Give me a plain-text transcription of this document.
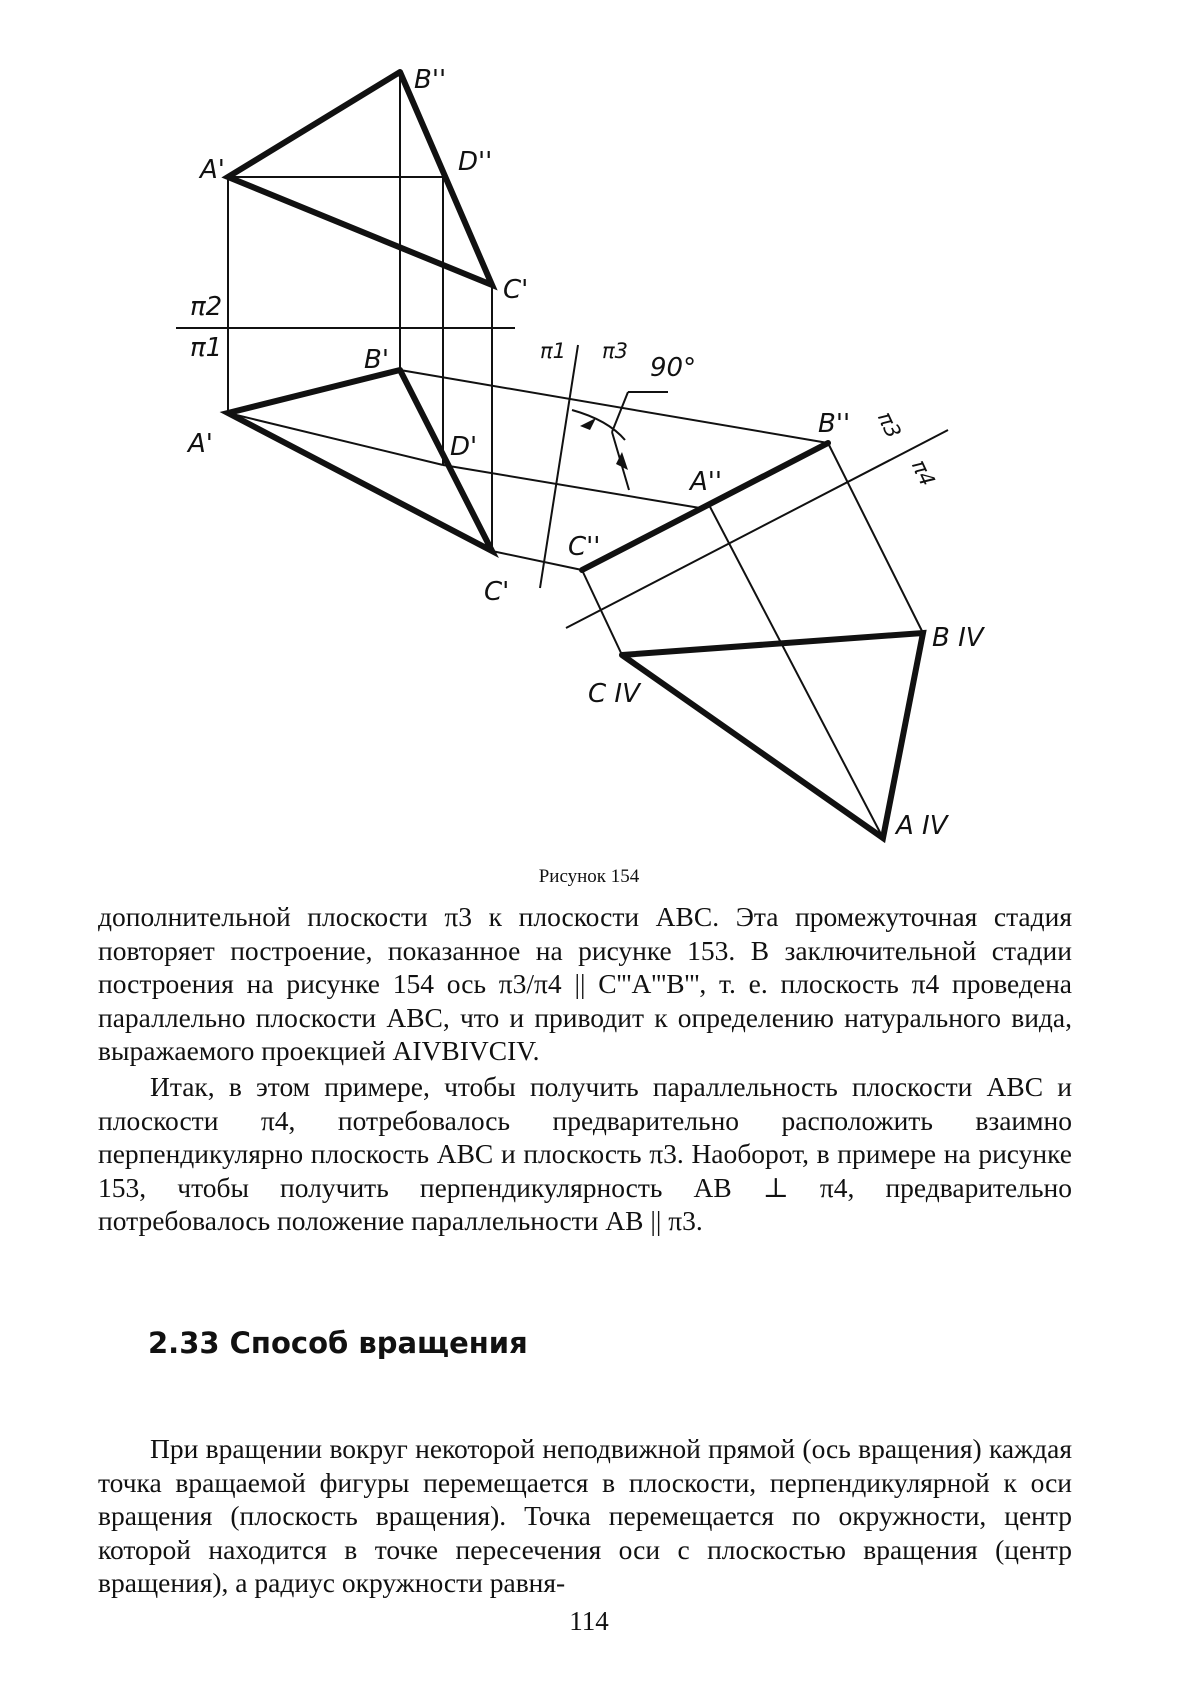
B''
A'	D''
C'
π2
π1	B'
A'	D'
C'
π1 π3
90°
B''
A''
C''
π3
π4
B IV
C IV
A IV
Рисунок 154

дополнительной плоскости π3 к плоскости ABC. Эта промежуточная стадия повторяет построение, показанное на рисунке 153. В заключительной стадии построения на рисунке 154 ось π3/π4 || C'''A'''B''', т. е. плоскость π4 проведена параллельно плоскости ABC, что и приводит к определению натурального вида, выражаемого проекцией AIVBIVCIV.

Итак, в этом примере, чтобы получить параллельность плоскости ABC и плоскости π4, потребовалось предварительно расположить взаимно перпендикулярно плоскость ABC и плоскость π3. Наоборот, в примере на рисунке 153, чтобы получить перпендикулярность AB ⊥ π4, предварительно потребовалось положение параллельности AB || π3.

2.33 Способ вращения

При вращении вокруг некоторой неподвижной прямой (ось вращения) каждая точка вращаемой фигуры перемещается в плоскости, перпендикулярной к оси вращения (плоскость вращения). Точка перемещается по окружности, центр которой находится в точке пересечения оси с плоскостью вращения (центр вращения), а радиус окружности равня-

114
